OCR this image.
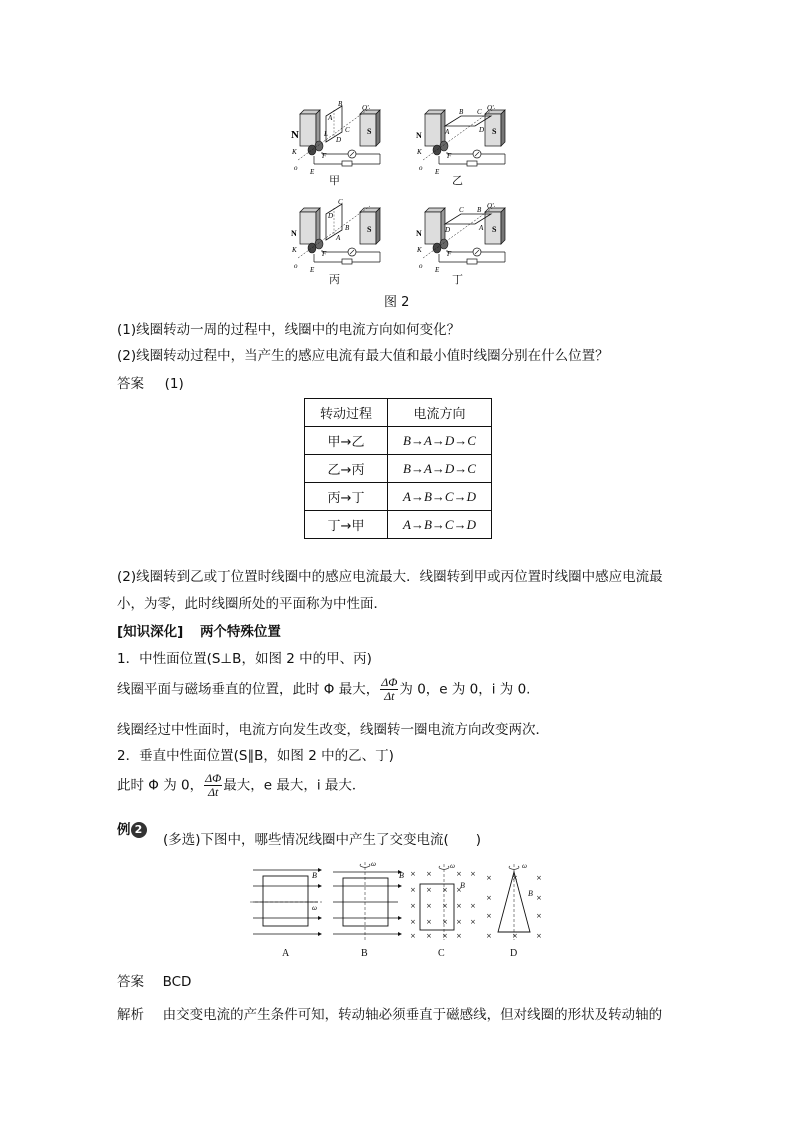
N	S
B	O'
A
C
D
L
F
K
o E
N	S
B	O'
C
D
A
F
K
o E
N	S
C
D
B
A
F
K
o E
N	S
C	O'
B
A
D
F
K
o E
甲	乙
丙	丁
图 2
(1)线圈转动一周的过程中，线圈中的电流方向如何变化？
(2)线圈转动过程中，当产生的感应电流有最大值和最小值时线圈分别在什么位置？
答案 (1)
转动过程	电流方向
甲→乙	B→A→D→C
乙→丙	B→A→D→C
丙→丁	A→B→C→D
丁→甲	A→B→C→D
(2)线圈转到乙或丁位置时线圈中的感应电流最大．线圈转到甲或丙位置时线圈中感应电流最
小，为零，此时线圈所处的平面称为中性面．
[知识深化] 两个特殊位置
1．中性面位置(S⊥B，如图 2 中的甲、丙)
线圈平面与磁场垂直的位置，此时 Φ 最大， $\frac{\Delta\Phi}{\Delta t}$ 为 0，e 为 0，i 为 0.
线圈经过中性面时，电流方向发生改变，线圈转一圈电流方向改变两次．
2．垂直中性面位置(S∥B，如图 2 中的乙、丁)
此时 Φ 为 0， $\frac{\Delta\Phi}{\Delta t}$ 最大，e 最大，i 最大．
例 2
(多选)下图中，哪些情况线圈中产生了交变电流(　　)
B
ω
ω
B × ×	× ×
× × × ×
× × × × ×
× × × × ×
× × × ×
ω
B
×	×	×
×	×
×	×
×	×	×
ω
B
A	B	C	D
答案 BCD
解析 由交变电流的产生条件可知，转动轴必须垂直于磁感线，但对线圈的形状及转动轴的
